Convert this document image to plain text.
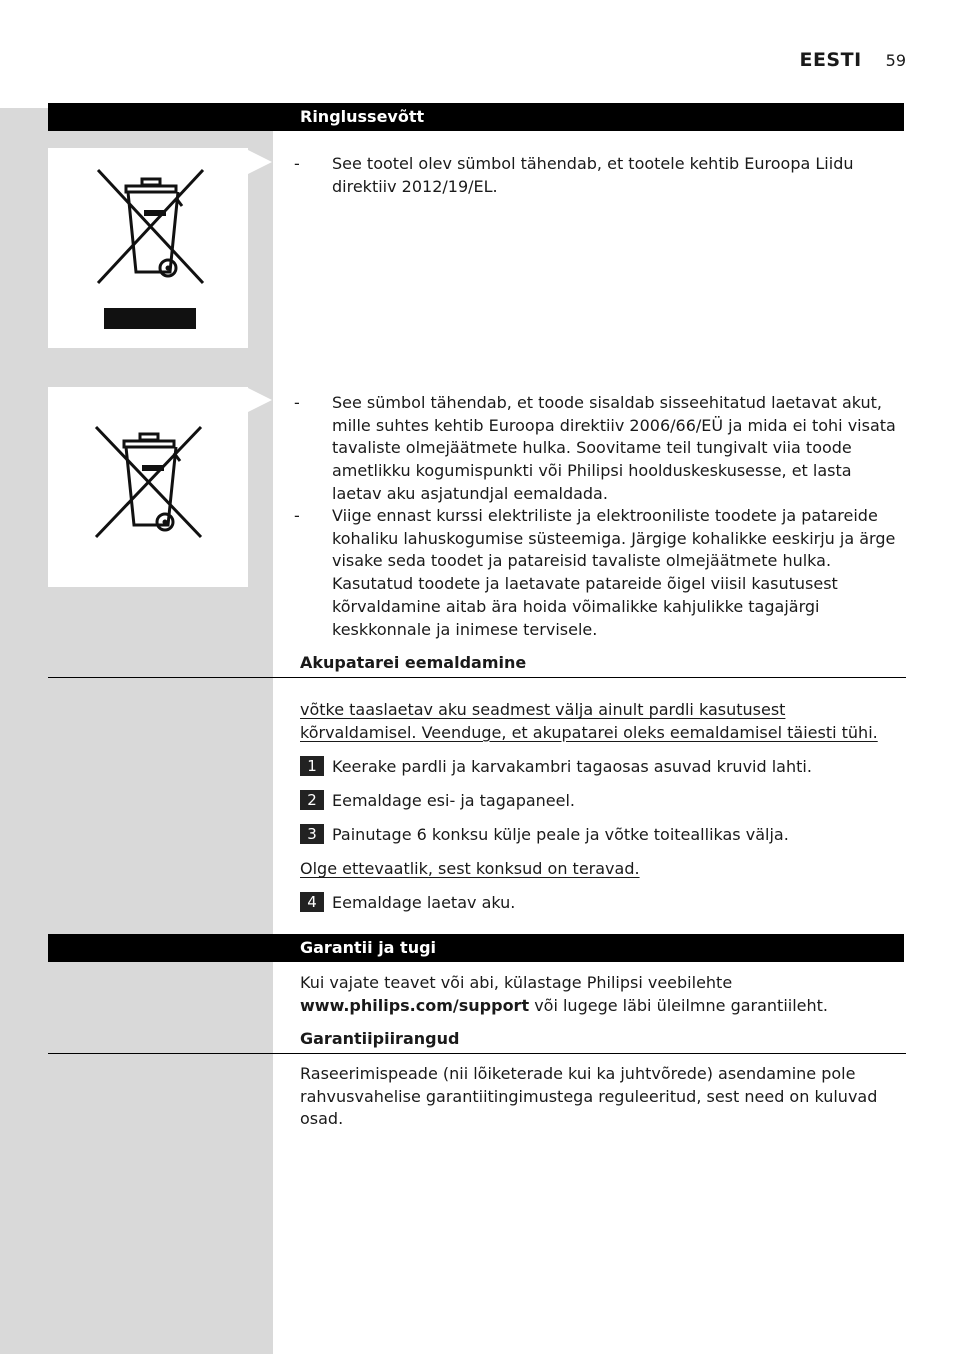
EESTI 59
Ringlussevõtt
- See tootel olev sümbol tähendab, et tootele kehtib Euroopa Liidu direktiiv 2012/19/EL.
- See sümbol tähendab, et toode sisaldab sisseehitatud laetavat akut, mille suhtes kehtib Euroopa direktiiv 2006/66/EÜ ja mida ei tohi visata tavaliste olmejäätmete hulka. Soovitame teil tungivalt viia toode ametlikku kogumispunkti või Philipsi hoolduskeskusesse, et lasta laetav aku asjatundjal eemaldada.
- Viige ennast kurssi elektriliste ja elektrooniliste toodete ja patareide kohaliku lahuskogumise süsteemiga. Järgige kohalikke eeskirju ja ärge visake seda toodet ja patareisid tavaliste olmejäätmete hulka. Kasutatud toodete ja laetavate patareide õigel viisil kasutusest kõrvaldamine aitab ära hoida võimalikke kahjulikke tagajärgi keskkonnale ja inimese tervisele.
Akupatarei eemaldamine
võtke taaslaetav aku seadmest välja ainult pardli kasutusest kõrvaldamisel. Veenduge, et akupatarei oleks eemaldamisel täiesti tühi.
1 Keerake pardli ja karvakambri tagaosas asuvad kruvid lahti.
2 Eemaldage esi- ja tagapaneel.
3 Painutage 6 konksu külje peale ja võtke toiteallikas välja.
Olge ettevaatlik, sest konksud on teravad.
4 Eemaldage laetav aku.
Garantii ja tugi
Kui vajate teavet või abi, külastage Philipsi veebilehte
www.philips.com/support või lugege läbi üleilmne garantiileht.
Garantiipiirangud
Raseerimispeade (nii lõiketerade kui ka juhtvõrede) asendamine pole rahvusvahelise garantiitingimustega reguleeritud, sest need on kuluvad osad.
